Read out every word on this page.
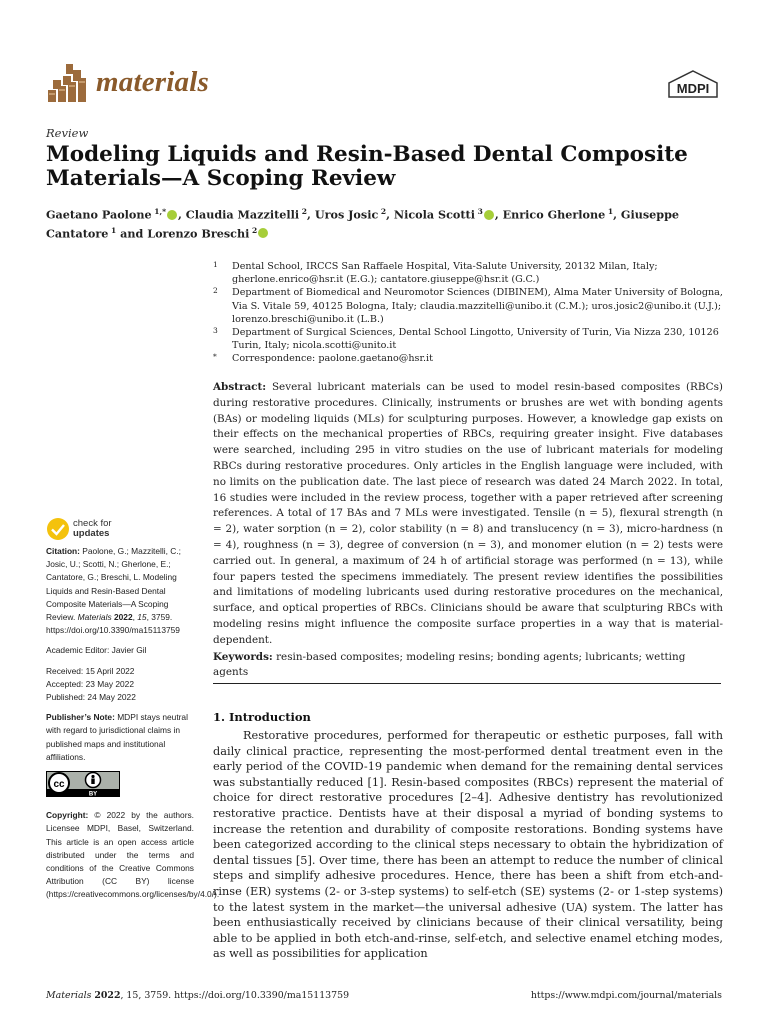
materials	MDPI
Review
Modeling Liquids and Resin-Based Dental Composite Materials—A Scoping Review
Gaetano Paolone $^{1,*}$ , Claudia Mazzitelli $^2$, Uros Josic $^2$, Nicola Scotti $^3$ , Enrico Gherlone $^1$, Giuseppe Cantatore $^1$ and Lorenzo Breschi $^2$
1 Dental School, IRCCS San Raffaele Hospital, Vita-Salute University, 20132 Milan, Italy; gherlone.enrico@hsr.it (E.G.); cantatore.giuseppe@hsr.it (G.C.)
2 Department of Biomedical and Neuromotor Sciences (DIBINEM), Alma Mater University of Bologna, Via S. Vitale 59, 40125 Bologna, Italy; claudia.mazzitelli@unibo.it (C.M.); uros.josic2@unibo.it (U.J.); lorenzo.breschi@unibo.it (L.B.)
3 Department of Surgical Sciences, Dental School Lingotto, University of Turin, Via Nizza 230, 10126 Turin, Italy; nicola.scotti@unito.it
* Correspondence: paolone.gaetano@hsr.it
Abstract: Several lubricant materials can be used to model resin-based composites (RBCs) during restorative procedures. Clinically, instruments or brushes are wet with bonding agents (BAs) or modeling liquids (MLs) for sculpturing purposes. However, a knowledge gap exists on their effects on the mechanical properties of RBCs, requiring greater insight. Five databases were searched, including 295 in vitro studies on the use of lubricant materials for modeling RBCs during restorative procedures. Only articles in the English language were included, with no limits on the publication date. The last piece of research was dated 24 March 2022. In total, 16 studies were included in the review process, together with a paper retrieved after screening references. A total of 17 BAs and 7 MLs were investigated. Tensile (n = 5), flexural strength (n = 2), water sorption (n = 2), color stability (n = 8) and translucency (n = 3), micro-hardness (n = 4), roughness (n = 3), degree of conversion (n = 3), and monomer elution (n = 2) tests were carried out. In general, a maximum of 24 h of artificial storage was performed (n = 13), while four papers tested the specimens immediately. The present review identifies the possibilities and limitations of modeling lubricants used during restorative procedures on the mechanical, surface, and optical properties of RBCs. Clinicians should be aware that sculpturing RBCs with modeling resins might influence the composite surface properties in a way that is material-dependent.
Keywords: resin-based composites; modeling resins; bonding agents; lubricants; wetting agents
check for
updates

Citation: Paolone, G.; Mazzitelli, C.; Josic, U.; Scotti, N.; Gherlone, E.; Cantatore, G.; Breschi, L. Modeling Liquids and Resin-Based Dental Composite Materials—A Scoping Review. Materials 2022, 15, 3759. https://doi.org/10.3390/ma15113759

Academic Editor: Javier Gil

Received: 15 April 2022
Accepted: 23 May 2022

Published: 24 May 2022

Publisher’s Note: MDPI stays neutral with regard to jurisdictional claims in published maps and institutional affiliations.

cc
BY

Copyright: © 2022 by the authors. Licensee MDPI, Basel, Switzerland. This article is an open access article distributed under the terms and conditions of the Creative Commons Attribution (CC BY) license (https://creativecommons.org/licenses/by/4.0/).

1. Introduction
Restorative procedures, performed for therapeutic or esthetic purposes, fall with daily clinical practice, representing the most-performed dental treatment even in the early period of the COVID-19 pandemic when demand for the remaining dental services was substantially reduced [1]. Resin-based composites (RBCs) represent the material of choice for direct restorative procedures [2–4]. Adhesive dentistry has revolutionized restorative practice. Dentists have at their disposal a myriad of bonding systems to increase the retention and durability of composite restorations. Bonding systems have been categorized according to the clinical steps necessary to obtain the hybridization of dental tissues [5]. Over time, there has been an attempt to reduce the number of clinical steps and simplify adhesive procedures. Hence, there has been a shift from etch-and-rinse (ER) systems (2- or 3-step systems) to self-etch (SE) systems (2- or 1-step systems) to the latest system in the market—the universal adhesive (UA) system. The latter has been enthusiastically received by clinicians because of their clinical versatility, being able to be applied in both etch-and-rinse, self-etch, and selective enamel etching modes, as well as possibilities for application
Materials 2022, 15, 3759. https://doi.org/10.3390/ma15113759	https://www.mdpi.com/journal/materials
